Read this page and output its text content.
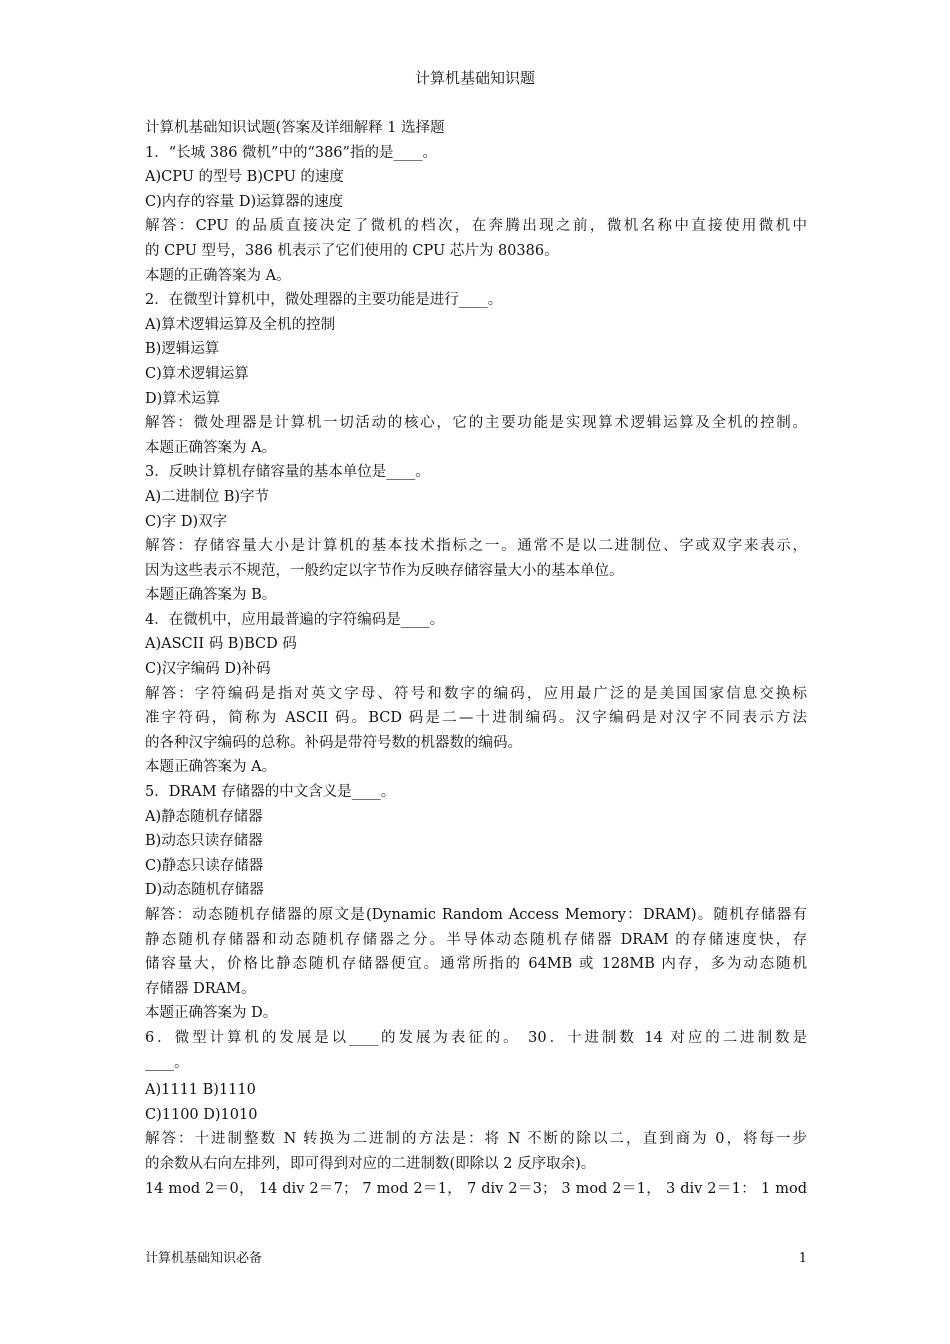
计算机基础知识题
计算机基础知识试题(答案及详细解释 1 选择题
1．“长城 386 微机”中的“386”指的是____。
A)CPU 的型号 B)CPU 的速度
C)内存的容量 D)运算器的速度
解答：CPU 的品质直接决定了微机的档次，在奔腾出现之前，微机名称中直接使用微机中
的 CPU 型号，386 机表示了它们使用的 CPU 芯片为 80386。
本题的正确答案为 A。
2．在微型计算机中，微处理器的主要功能是进行____。
A)算术逻辑运算及全机的控制
B)逻辑运算
C)算术逻辑运算
D)算术运算
解答：微处理器是计算机一切活动的核心，它的主要功能是实现算术逻辑运算及全机的控制。
本题正确答案为 A。
3．反映计算机存储容量的基本单位是____。
A)二进制位 B)字节
C)字 D)双字
解答：存储容量大小是计算机的基本技术指标之一。通常不是以二进制位、字或双字来表示，
因为这些表示不规范，一般约定以字节作为反映存储容量大小的基本单位。
本题正确答案为 B。
4．在微机中，应用最普遍的字符编码是____。
A)ASCII 码 B)BCD 码
C)汉字编码 D)补码
解答：字符编码是指对英文字母、符号和数字的编码，应用最广泛的是美国国家信息交换标
准字符码，简称为 ASCII 码。BCD 码是二—十进制编码。汉字编码是对汉字不同表示方法
的各种汉字编码的总称。补码是带符号数的机器数的编码。
本题正确答案为 A。
5．DRAM 存储器的中文含义是____。
A)静态随机存储器
B)动态只读存储器
C)静态只读存储器
D)动态随机存储器
解答：动态随机存储器的原文是(Dynamic Random Access Memory：DRAM)。随机存储器有
静态随机存储器和动态随机存储器之分。半导体动态随机存储器 DRAM 的存储速度快，存
储容量大，价格比静态随机存储器便宜。通常所指的 64MB 或 128MB 内存，多为动态随机
存储器 DRAM。
本题正确答案为 D。
6．微型计算机的发展是以____的发展为表征的。 30．十进制数 14 对应的二进制数是
____。
A)1111 B)1110
C)1100 D)1010
解答：十进制整数 N 转换为二进制的方法是：将 N 不断的除以二，直到商为 0，将每一步
的余数从右向左排列，即可得到对应的二进制数(即除以 2 反序取余)。
14 mod 2＝0， 14 div 2＝7； 7 mod 2＝1， 7 div 2＝3； 3 mod 2＝1， 3 div 2＝1： 1 mod
计算机基础知识必备	1
